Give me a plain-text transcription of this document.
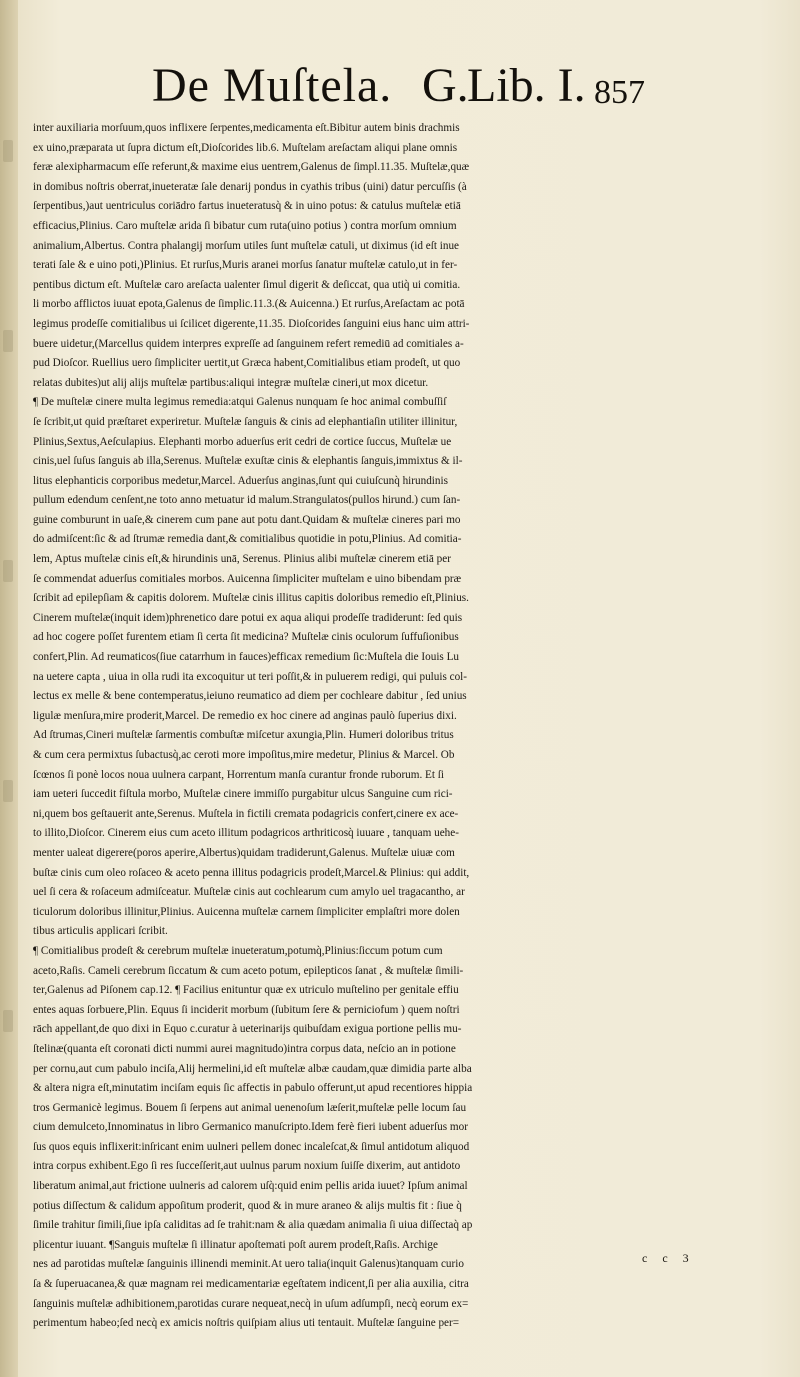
De Muſtela. G.
Lib. I. 857
inter auxiliaria morſuum,quos inflixere ſerpentes,medicamenta eſt.Bibitur autem binis drachmis
ex uino,præparata ut ſupra dictum eſt,Dioſcorides lib.6. Muſtelam areſactam aliqui plane omnis
feræ alexipharmacum eſſe referunt,& maxime eius uentrem,Galenus de ſimpl.11.35. Muſtelæ,quæ
in domibus noſtris oberrat,inueteratæ ſale denarij pondus in cyathis tribus (uini) datur percuſſis (à
ſerpentibus,)aut uentriculus coriādro fartus inueteratusq̀ & in uino potus: & catulus muſtelæ etiā
efficacius,Plinius. Caro muſtelæ arida ſi bibatur cum ruta(uino potius ) contra morſum omnium
animalium,Albertus. Contra phalangij morſum utiles ſunt muſtelæ catuli, ut diximus (id eſt inue
terati ſale & e uino poti,)Plinius. Et rurſus,Muris aranei morſus ſanatur muſtelæ catulo,ut in fer-
pentibus dictum eſt. Muſtelæ caro areſacta ualenter ſimul digerit & deſiccat, qua utiq̀ ui comitia.
li morbo afflictos iuuat epota,Galenus de ſimplic.11.3.(& Auicenna.) Et rurſus,Areſactam ac potā
legimus prodeſſe comitialibus ui ſcilicet digerente,11.35. Dioſcorides ſanguini eius hanc uim attri-
buere uidetur,(Marcellus quidem interpres expreſſe ad ſanguinem refert remediū ad comitiales a-
pud Dioſcor. Ruellius uero ſimpliciter uertit,ut Græca habent,Comitialibus etiam prodeſt, ut quo
relatas dubites)ut alij alijs muſtelæ partibus:aliqui integræ muſtelæ cineri,ut mox dicetur.
¶ De muſtelæ cinere multa legimus remedia:atqui Galenus nunquam ſe hoc animal combuſſiſ
ſe ſcribit,ut quid præſtaret experiretur. Muſtelæ ſanguis & cinis ad elephantiaſin utiliter illinitur,
Plinius,Sextus,Aeſculapius. Elephanti morbo aduerſus erit cedri de cortice ſuccus, Muſtelæ ue
cinis,uel ſuſus ſanguis ab illa,Serenus. Muſtelæ exuſtæ cinis & elephantis ſanguis,immixtus & il-
litus elephanticis corporibus medetur,Marcel. Aduerſus anginas,ſunt qui cuiuſcunq̀ hirundinis
pullum edendum cenſent,ne toto anno metuatur id malum.Strangulatos(pullos hirund.) cum ſan-
guine comburunt in uaſe,& cinerem cum pane aut potu dant.Quidam & muſtelæ cineres pari mo
do admiſcent:ſic & ad ſtrumæ remedia dant,& comitialibus quotidie in potu,Plinius. Ad comitia-
lem, Aptus muſtelæ cinis eſt,& hirundinis unā, Serenus. Plinius alibi muſtelæ cinerem etiā per
ſe commendat aduerſus comitiales morbos. Auicenna ſimpliciter muſtelam e uino bibendam præ
ſcribit ad epilepſiam & capitis dolorem. Muſtelæ cinis illitus capitis doloribus remedio eſt,Plinius.
Cinerem muſtelæ(inquit idem)phrenetico dare potui ex aqua aliqui prodeſſe tradiderunt: ſed quis
ad hoc cogere poſſet furentem etiam ſi certa ſit medicina? Muſtelæ cinis oculorum ſuffuſionibus
confert,Plin. Ad reumaticos(ſiue catarrhum in fauces)efficax remedium ſic:Muſtela die Iouis Lu
na uetere capta , uiua in olla rudi ita excoquitur ut teri poſſit,& in puluerem redigi, qui puluis col-
lectus ex melle & bene contemperatus,ieiuno reumatico ad diem per cochleare dabitur , ſed unius
ligulæ menſura,mire proderit,Marcel. De remedio ex hoc cinere ad anginas paulò ſuperius dixi.
Ad ſtrumas,Cineri muſtelæ ſarmentis combuſtæ miſcetur axungia,Plin. Humeri doloribus tritus
& cum cera permixtus ſubactusq̀,ac ceroti more impoſitus,mire medetur, Plinius & Marcel. Ob
ſcœnos ſi ponè locos noua uulnera carpant, Horrentum manſa curantur fronde ruborum. Et ſi
iam ueteri ſuccedit fiſtula morbo, Muſtelæ cinere immiſſo purgabitur ulcus Sanguine cum rici-
ni,quem bos geſtauerit ante,Serenus. Muſtela in fictili cremata podagricis confert,cinere ex ace-
to illito,Dioſcor. Cinerem eius cum aceto illitum podagricos arthriticosq̀ iuuare , tanquam uehe-
menter ualeat digerere(poros aperire,Albertus)quidam tradiderunt,Galenus. Muſtelæ uiuæ com
buſtæ cinis cum oleo roſaceo & aceto penna illitus podagricis prodeſt,Marcel.& Plinius: qui addit,
uel ſi cera & roſaceum admiſceatur. Muſtelæ cinis aut cochlearum cum amylo uel tragacantho, ar
ticulorum doloribus illinitur,Plinius. Auicenna muſtelæ carnem ſimpliciter emplaſtri more dolen
tibus articulis applicari ſcribit.
¶ Comitialibus prodeſt & cerebrum muſtelæ inueteratum,potumq̀,Plinius:ſiccum potum cum
aceto,Raſis. Cameli cerebrum ſiccatum & cum aceto potum, epilepticos ſanat , & muſtelæ ſimili-
ter,Galenus ad Piſonem cap.12. ¶ Facilius enituntur quæ ex utriculo muſtelino per genitale effiu
entes aquas ſorbuere,Plin. Equus ſi inciderit morbum (ſubitum ſere & perniciofum ) quem noſtri
rāch appellant,de quo dixi in Equo c.curatur à ueterinarijs quibuſdam exigua portione pellis mu-
ſtelinæ(quanta eſt coronati dicti nummi aurei magnitudo)intra corpus data, neſcio an in potione
per cornu,aut cum pabulo inciſa,Alij hermelini,id eſt muſtelæ albæ caudam,quæ dimidia parte alba
& altera nigra eſt,minutatim inciſam equis ſic affectis in pabulo offerunt,ut apud recentiores hippia
tros Germanicè legimus. Bouem ſi ſerpens aut animal uenenoſum læſerit,muſtelæ pelle locum ſau
cium demulceto,Innominatus in libro Germanico manuſcripto.Idem ferè fieri iubent aduerſus mor
ſus quos equis inflixerit:inſricant enim uulneri pellem donec incaleſcat,& ſimul antidotum aliquod
intra corpus exhibent.Ego ſi res ſucceſſerit,aut uulnus parum noxium ſuiſſe dixerim, aut antidoto
liberatum animal,aut frictione uulneris ad calorem uſq̀:quid enim pellis arida iuuet? Ipſum animal
potius diſſectum & calidum appoſitum proderit, quod & in mure araneo & alijs multis fit : ſiue q̀
ſimile trahitur ſimili,ſiue ipſa caliditas ad ſe trahit:nam & alia quædam animalia ſi uiua diſſectaq̀ ap
plicentur iuuant. ¶Sanguis muſtelæ ſi illinatur apoſtemati poſt aurem prodeſt,Raſis. Archige
nes ad parotidas muſtelæ ſanguinis illinendi meminit.At uero talia(inquit Galenus)tanquam curio
ſa & ſuperuacanea,& quæ magnam rei medicamentariæ egeſtatem indicent,ſi per alia auxilia, citra
ſanguinis muſtelæ adhibitionem,parotidas curare nequeat,necq̀ in uſum adſumpſi, necq̀ eorum ex=
perimentum habeo;ſed necq̀ ex amicis noſtris quiſpiam alius uti tentauit. Muſtelæ ſanguine per=
c c 3
